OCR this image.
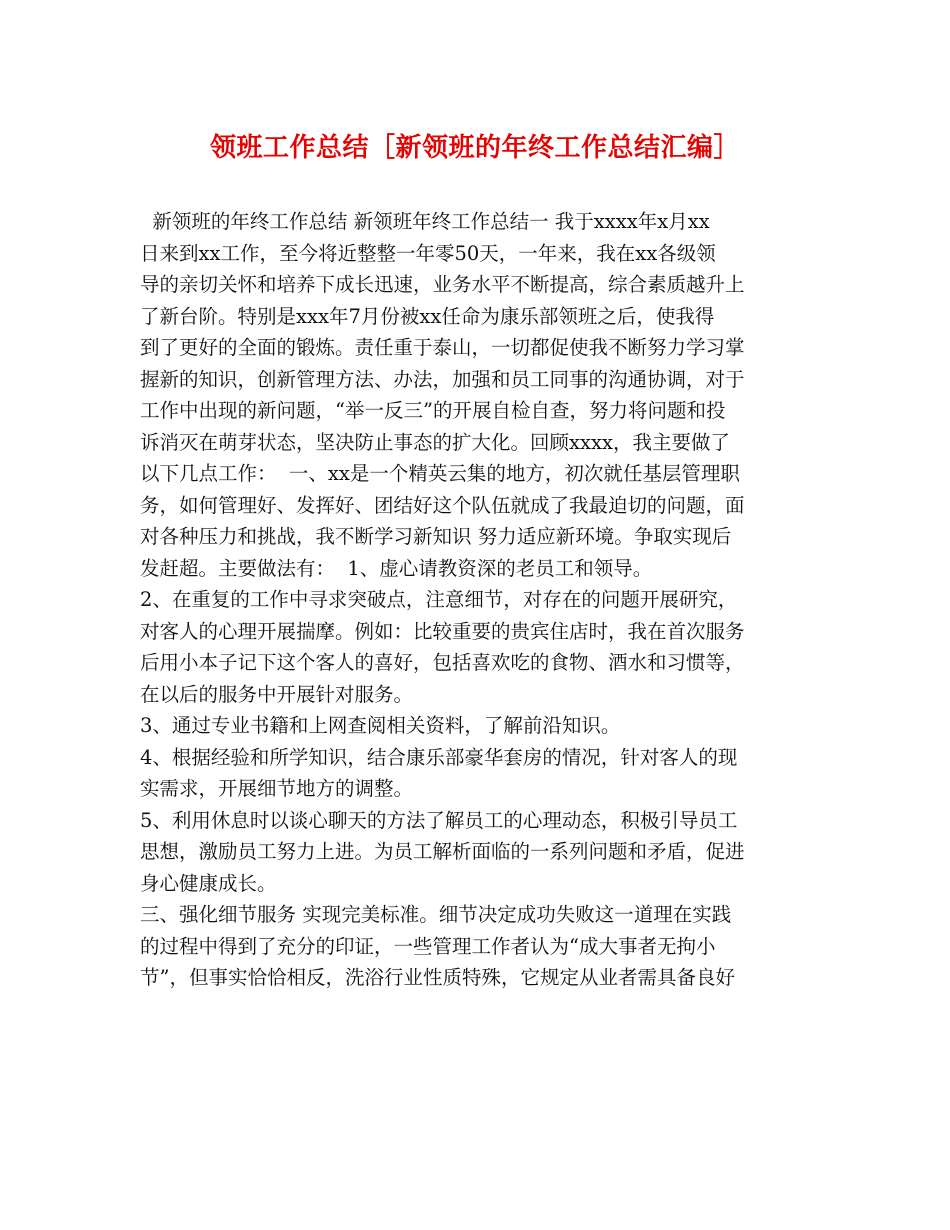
领班工作总结［新领班的年终工作总结汇编］
新领班的年终工作总结 新领班年终工作总结一 我于xxxx年x月xx
日来到xx工作，至今将近整整一年零50天，一年来，我在xx各级领
导的亲切关怀和培养下成长迅速，业务水平不断提高，综合素质越升上
了新台阶。特别是xxx年7月份被xx任命为康乐部领班之后，使我得
到了更好的全面的锻炼。责任重于泰山，一切都促使我不断努力学习掌
握新的知识，创新管理方法、办法，加强和员工同事的沟通协调，对于
工作中出现的新问题，“举一反三”的开展自检自查，努力将问题和投
诉消灭在萌芽状态，坚决防止事态的扩大化。回顾xxxx，我主要做了
以下几点工作：  一、xx是一个精英云集的地方，初次就任基层管理职
务，如何管理好、发挥好、团结好这个队伍就成了我最迫切的问题，面
对各种压力和挑战，我不断学习新知识 努力适应新环境。争取实现后
发赶超。主要做法有：  1、虚心请教资深的老员工和领导。
2、在重复的工作中寻求突破点，注意细节，对存在的问题开展研究，
对客人的心理开展揣摩。例如：比较重要的贵宾住店时，我在首次服务
后用小本子记下这个客人的喜好，包括喜欢吃的食物、酒水和习惯等，
在以后的服务中开展针对服务。
3、通过专业书籍和上网查阅相关资料，了解前沿知识。
4、根据经验和所学知识，结合康乐部豪华套房的情况，针对客人的现
实需求，开展细节地方的调整。
5、利用休息时以谈心聊天的方法了解员工的心理动态，积极引导员工
思想，激励员工努力上进。为员工解析面临的一系列问题和矛盾，促进
身心健康成长。
三、强化细节服务 实现完美标准。细节决定成功失败这一道理在实践
的过程中得到了充分的印证，一些管理工作者认为“成大事者无拘小
节”，但事实恰恰相反，洗浴行业性质特殊，它规定从业者需具备良好
